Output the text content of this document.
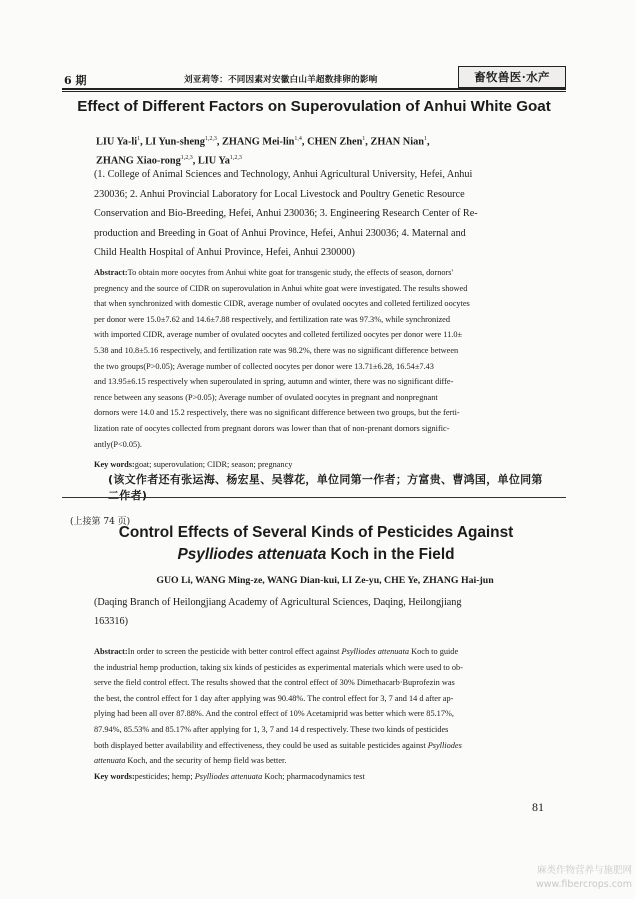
6 期	刘亚莉等：不同因素对安徽白山羊超数排卵的影响	畜牧兽医·水产
Effect of Different Factors on Superovulation of Anhui White Goat
LIU $Ya-li^1$, LI Yun-sheng$^{1,2,3}$, ZHANG Mei-lin$^{1,4}$, CHEN Zhen$^1$, ZHAN Nian$^1$,
ZHANG Xiao-rong$^{1,2,3}$, LIU Ya$^{1,2,3}$
(1. College of Animal Sciences and Technology, Anhui Agricultural University, Hefei, Anhui
230036; 2. Anhui Provincial Laboratory for Local Livestock and Poultry Genetic Resource
Conservation and Bio-Breeding, Hefei, Anhui 230036; 3. Engineering Research Center of Re-
production and Breeding in Goat of Anhui Province, Hefei, Anhui 230036; 4. Maternal and
Child Health Hospital of Anhui Province, Hefei, Anhui 230000)
Abstract:To obtain more oocytes from Anhui white goat for transgenic study, the effects of season, dornors'
pregnency and the source of CIDR on superovulation in Anhui white goat were investigated. The results showed
that when synchronized with domestic CIDR, average number of ovulated oocytes and colleted fertilized oocytes
per donor were 15.0±7.62 and 14.6±7.88 respectively, and fertilization rate was 97.3%, while synchronized
with imported CIDR, average number of ovulated oocytes and colleted fertilized oocytes per donor were 11.0±
5.38 and 10.8±5.16 respectively, and fertilization rate was 98.2%, there was no significant difference between
the two groups(P>0.05); Average number of collected oocytes per donor were 13.71±6.28, 16.54±7.43
and 13.95±6.15 respectively when superoulated in spring, autumn and winter, there was no significant diffe-
rence between any seasons (P>0.05); Average number of ovulated oocytes in pregnant and nonpregnant
dornors were 14.0 and 15.2 respectively, there was no significant difference between two groups, but the ferti-
lization rate of oocytes collected from pregnant dorors was lower than that of non-prenant dornors signific-
antly(P<0.05).
Key words:goat; superovulation; CIDR; season; pregnancy
(该文作者还有张运海、杨宏星、吴蓉花，单位同第一作者；方富贵、曹鸿国，单位同第二作者)
(上接第 74 页)
Control Effects of Several Kinds of Pesticides Against
Psylliodes attenuata Koch in the Field
GUO Li, WANG Ming-ze, WANG Dian-kui, LI Ze-yu, CHE Ye, ZHANG Hai-jun
(Daqing Branch of Heilongjiang Academy of Agricultural Sciences, Daqing, Heilongjiang
163316)
Abstract:In order to screen the pesticide with better control effect against Psylliodes attenuata Koch to guide
the industrial hemp production, taking six kinds of pesticides as experimental materials which were used to ob-
serve the field control effect. The results showed that the control effect of 30% Dimethacarb·Buprofezin was
the best, the control effect for 1 day after applying was 90.48%. The control effect for 3, 7 and 14 d after ap-
plying had been all over 87.88%. And the control effect of 10% Acetamiprid was better which were 85.17%,
87.94%, 85.53% and 85.17% after applying for 1, 3, 7 and 14 d respectively. These two kinds of pesticides
both displayed better availability and effectiveness, they could be used as suitable pesticides against Psylliodes
attenuata Koch, and the security of hemp field was better.
Key words:pesticides; hemp; Psylliodes attenuata Koch; pharmacodynamics test
81
麻类作物营养与施肥网
www.fibercrops.com
